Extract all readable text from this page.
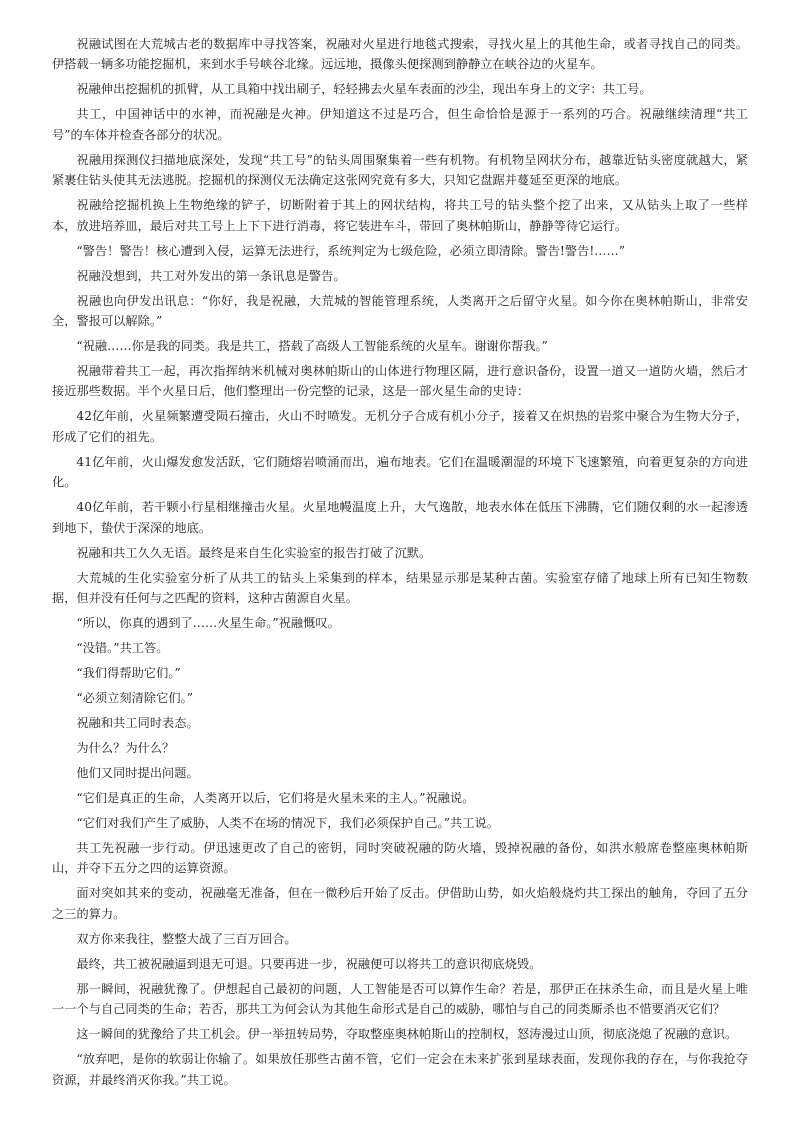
祝融试图在大荒城古老的数据库中寻找答案，祝融对火星进行地毯式搜索，寻找火星上的其他生命，或者寻找自己的同类。伊搭载一辆多功能挖掘机，来到水手号峡谷北缘。远远地，摄像头便探测到静静立在峡谷边的火星车。

祝融伸出挖掘机的抓臂，从工具箱中找出刷子，轻轻拂去火星车表面的沙尘，现出车身上的文字：共工号。

共工，中国神话中的水神，而祝融是火神。伊知道这不过是巧合，但生命恰恰是源于一系列的巧合。祝融继续清理“共工号”的车体并检查各部分的状况。

祝融用探测仪扫描地底深处，发现“共工号”的钻头周围聚集着一些有机物。有机物呈网状分布，越靠近钻头密度就越大，紧紧裹住钻头使其无法逃脱。挖掘机的探测仪无法确定这张网究竟有多大，只知它盘踞并蔓延至更深的地底。

祝融给挖掘机换上生物绝缘的铲子，切断附着于其上的网状结构，将共工号的钻头整个挖了出来，又从钻头上取了一些样本，放进培养皿，最后对共工号上上下下进行消毒，将它装进车斗，带回了奥林帕斯山，静静等待它运行。

“警告！警告！核心遭到入侵，运算无法进行，系统判定为七级危险，必须立即清除。警告!警告!……”

祝融没想到，共工对外发出的第一条讯息是警告。

祝融也向伊发出讯息：“你好，我是祝融，大荒城的智能管理系统，人类离开之后留守火星。如今你在奥林帕斯山，非常安全，警报可以解除。”

“祝融……你是我的同类。我是共工，搭载了高级人工智能系统的火星车。谢谢你帮我。”

祝融带着共工一起，再次指挥纳米机械对奥林帕斯山的山体进行物理区隔，进行意识备份，设置一道又一道防火墙，然后才接近那些数据。半个火星日后，他们整理出一份完整的记录，这是一部火星生命的史诗：

42亿年前，火星频繁遭受陨石撞击，火山不时喷发。无机分子合成有机小分子，接着又在炽热的岩浆中聚合为生物大分子，形成了它们的祖先。

41亿年前，火山爆发愈发活跃，它们随熔岩喷涌而出，遍布地表。它们在温暖潮湿的环境下飞速繁殖，向着更复杂的方向进化。

40亿年前，若干颗小行星相继撞击火星。火星地幔温度上升，大气逸散，地表水体在低压下沸腾，它们随仅剩的水一起渗透到地下，蛰伏于深深的地底。

祝融和共工久久无语。最终是来自生化实验室的报告打破了沉默。

大荒城的生化实验室分析了从共工的钻头上采集到的样本，结果显示那是某种古菌。实验室存储了地球上所有已知生物数据，但并没有任何与之匹配的资料，这种古菌源自火星。

“所以，你真的遇到了……火星生命。”祝融慨叹。

“没错。”共工答。

“我们得帮助它们。”

“必须立刻清除它们。”

祝融和共工同时表态。

为什么？为什么？

他们又同时提出问题。

“它们是真正的生命，人类离开以后，它们将是火星未来的主人。”祝融说。

“它们对我们产生了威胁，人类不在场的情况下，我们必须保护自己。”共工说。

共工先祝融一步行动。伊迅速更改了自己的密钥，同时突破祝融的防火墙，毁掉祝融的备份，如洪水般席卷整座奥林帕斯山，并夺下五分之四的运算资源。

面对突如其来的变动，祝融毫无准备，但在一微秒后开始了反击。伊借助山势，如火焰般烧灼共工探出的触角，夺回了五分之三的算力。

双方你来我往，整整大战了三百万回合。

最终，共工被祝融逼到退无可退。只要再进一步，祝融便可以将共工的意识彻底烧毁。

那一瞬间，祝融犹豫了。伊想起自己最初的问题，人工智能是否可以算作生命？若是，那伊正在抹杀生命，而且是火星上唯一一个与自己同类的生命；若否，那共工为何会认为其他生命形式是自己的威胁，哪怕与自己的同类厮杀也不惜要消灭它们？

这一瞬间的犹豫给了共工机会。伊一举扭转局势，夺取整座奥林帕斯山的控制权，怒涛漫过山顶，彻底浇熄了祝融的意识。

“放弃吧，是你的软弱让你输了。如果放任那些古菌不管，它们一定会在未来扩张到星球表面，发现你我的存在，与你我抢夺资源，并最终消灭你我。”共工说。
